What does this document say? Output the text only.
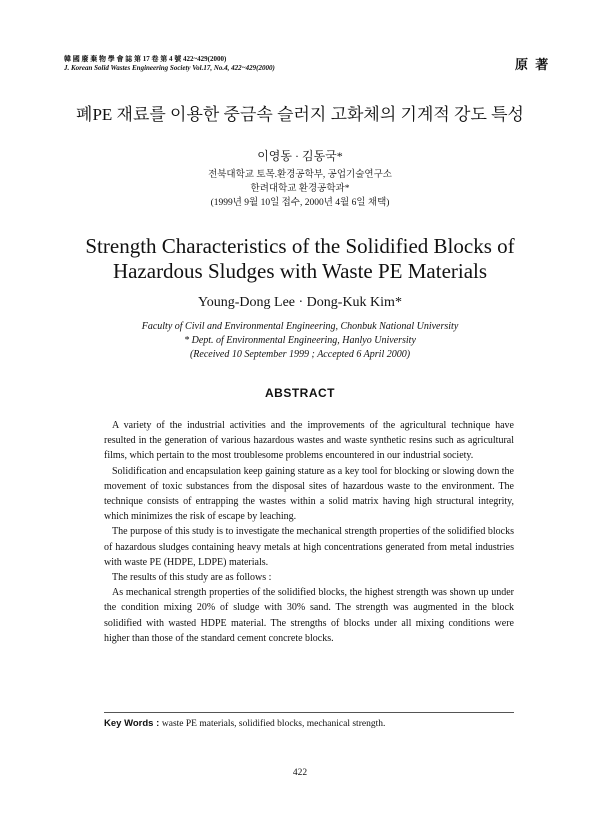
韓 國 廢 棄 物 學 會 誌 第 17 卷 第 4 號 422~429(2000)
J. Korean Solid Wastes Engineering Society Vol.17, No.4, 422~429(2000)	原 著
폐PE 재료를 이용한 중금속 슬러지 고화체의 기계적 강도 특성
이영동 · 김동국*
전북대학교 토목.환경공학부, 공업기술연구소
한려대학교 환경공학과*
(1999년 9월 10일 접수, 2000년 4월 6일 채택)
Strength Characteristics of the Solidified Blocks of
Hazardous Sludges with Waste PE Materials
Young-Dong Lee · Dong-Kuk Kim*
Faculty of Civil and Environmental Engineering, Chonbuk National University
* Dept. of Environmental Engineering, Hanlyo University
(Received 10 September 1999 ; Accepted 6 April 2000)
ABSTRACT

A variety of the industrial activities and the improvements of the agricultural technique have resulted in the generation of various hazardous wastes and waste synthetic resins such as agricultural films, which pertain to the most troublesome problems encountered in our industrial society.

Solidification and encapsulation keep gaining stature as a key tool for blocking or slowing down the movement of toxic substances from the disposal sites of hazardous waste to the environment. The technique consists of entrapping the wastes within a solid matrix having high structural integrity, which minimizes the risk of escape by leaching.

The purpose of this study is to investigate the mechanical strength properties of the solidified blocks of hazardous sludges containing heavy metals at high concentrations generated from metal industries with waste PE (HDPE, LDPE) materials.

The results of this study are as follows :

As mechanical strength properties of the solidified blocks, the highest strength was shown up under the condition mixing 20% of sludge with 30% sand. The strength was augmented in the block solidified with wasted HDPE material. The strengths of blocks under all mixing conditions were higher than those of the standard cement concrete blocks.

Key Words : waste PE materials, solidified blocks, mechanical strength.
422
